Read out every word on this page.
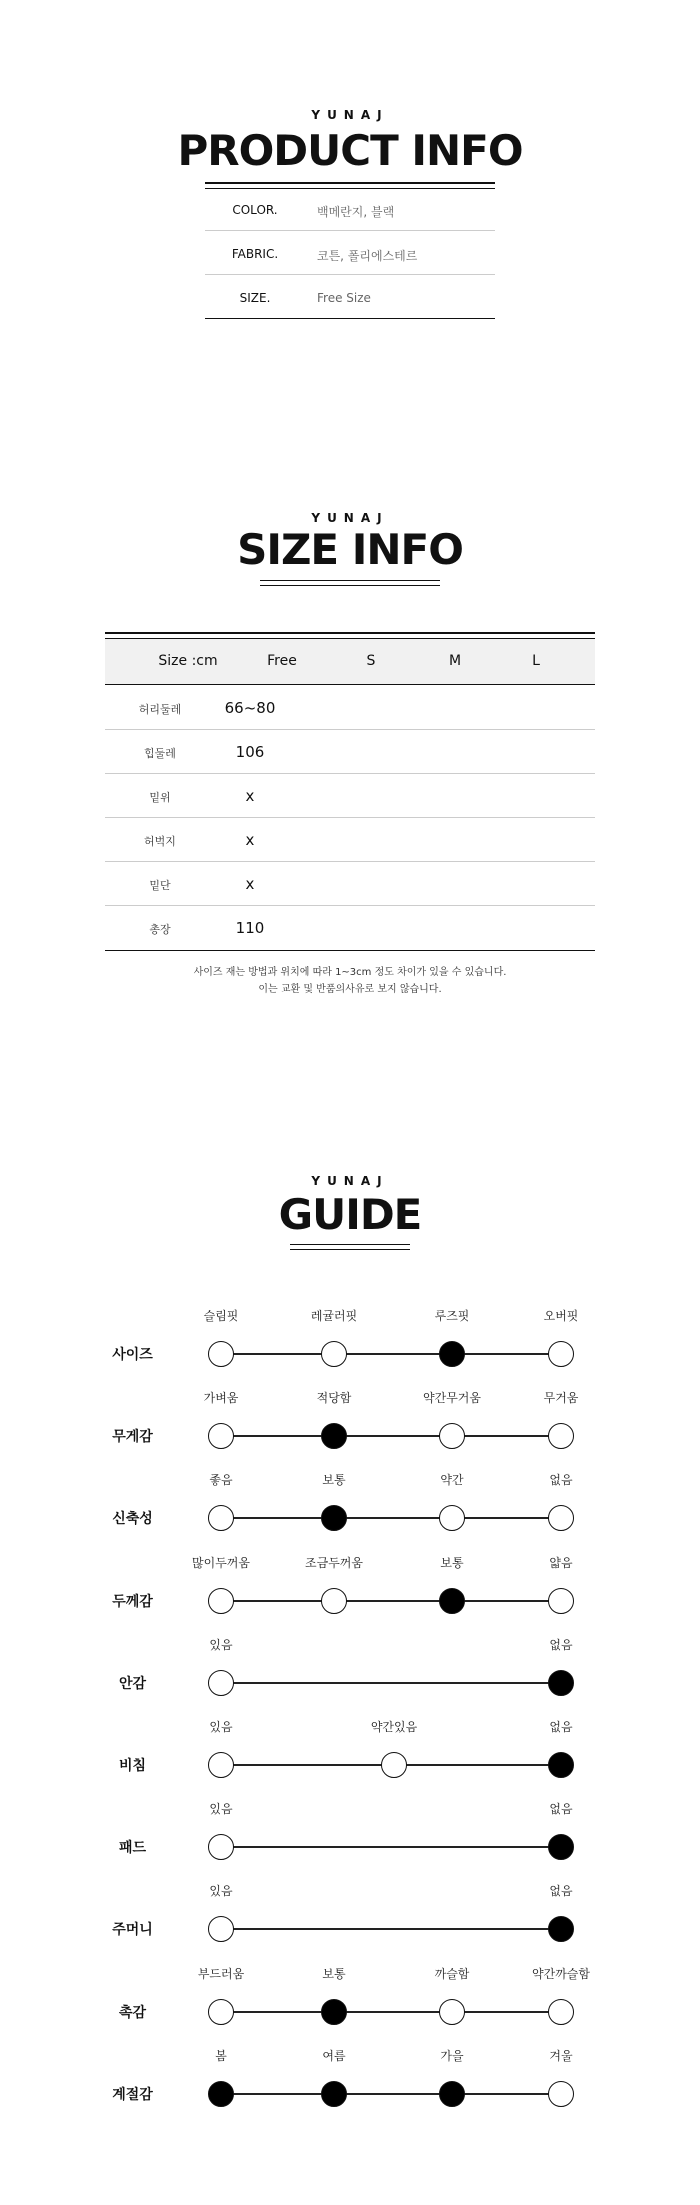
YUNAJ
PRODUCT INFO
COLOR.	백메란지, 블랙
FABRIC.	코튼, 폴리에스테르
SIZE.	Free Size
YUNAJ
SIZE INFO
Size :cm	Free	S	M	L
허리둘레	66~80
힙둘레	106
밑위	x
허벅지	x
밑단	x
총장	110
사이즈 재는 방법과 위치에 따라 1~3cm 정도 차이가 있을 수 있습니다.
이는 교환 및 반품의사유로 보지 않습니다.
YUNAJ
GUIDE
사이즈
슬림핏	레귤러핏	루즈핏	오버핏
무게감
가벼움	적당함	약간무거움	무거움
신축성
좋음	보통	약간	없음
두께감
많이두꺼움	조금두꺼움	보통	얇음
안감
있음	없음
비침
있음	약간있음	없음
패드
있음	없음
주머니
있음	없음
촉감
부드러움	보통	까슬함	약간까슬함
계절감
봄	여름	가을	겨울
